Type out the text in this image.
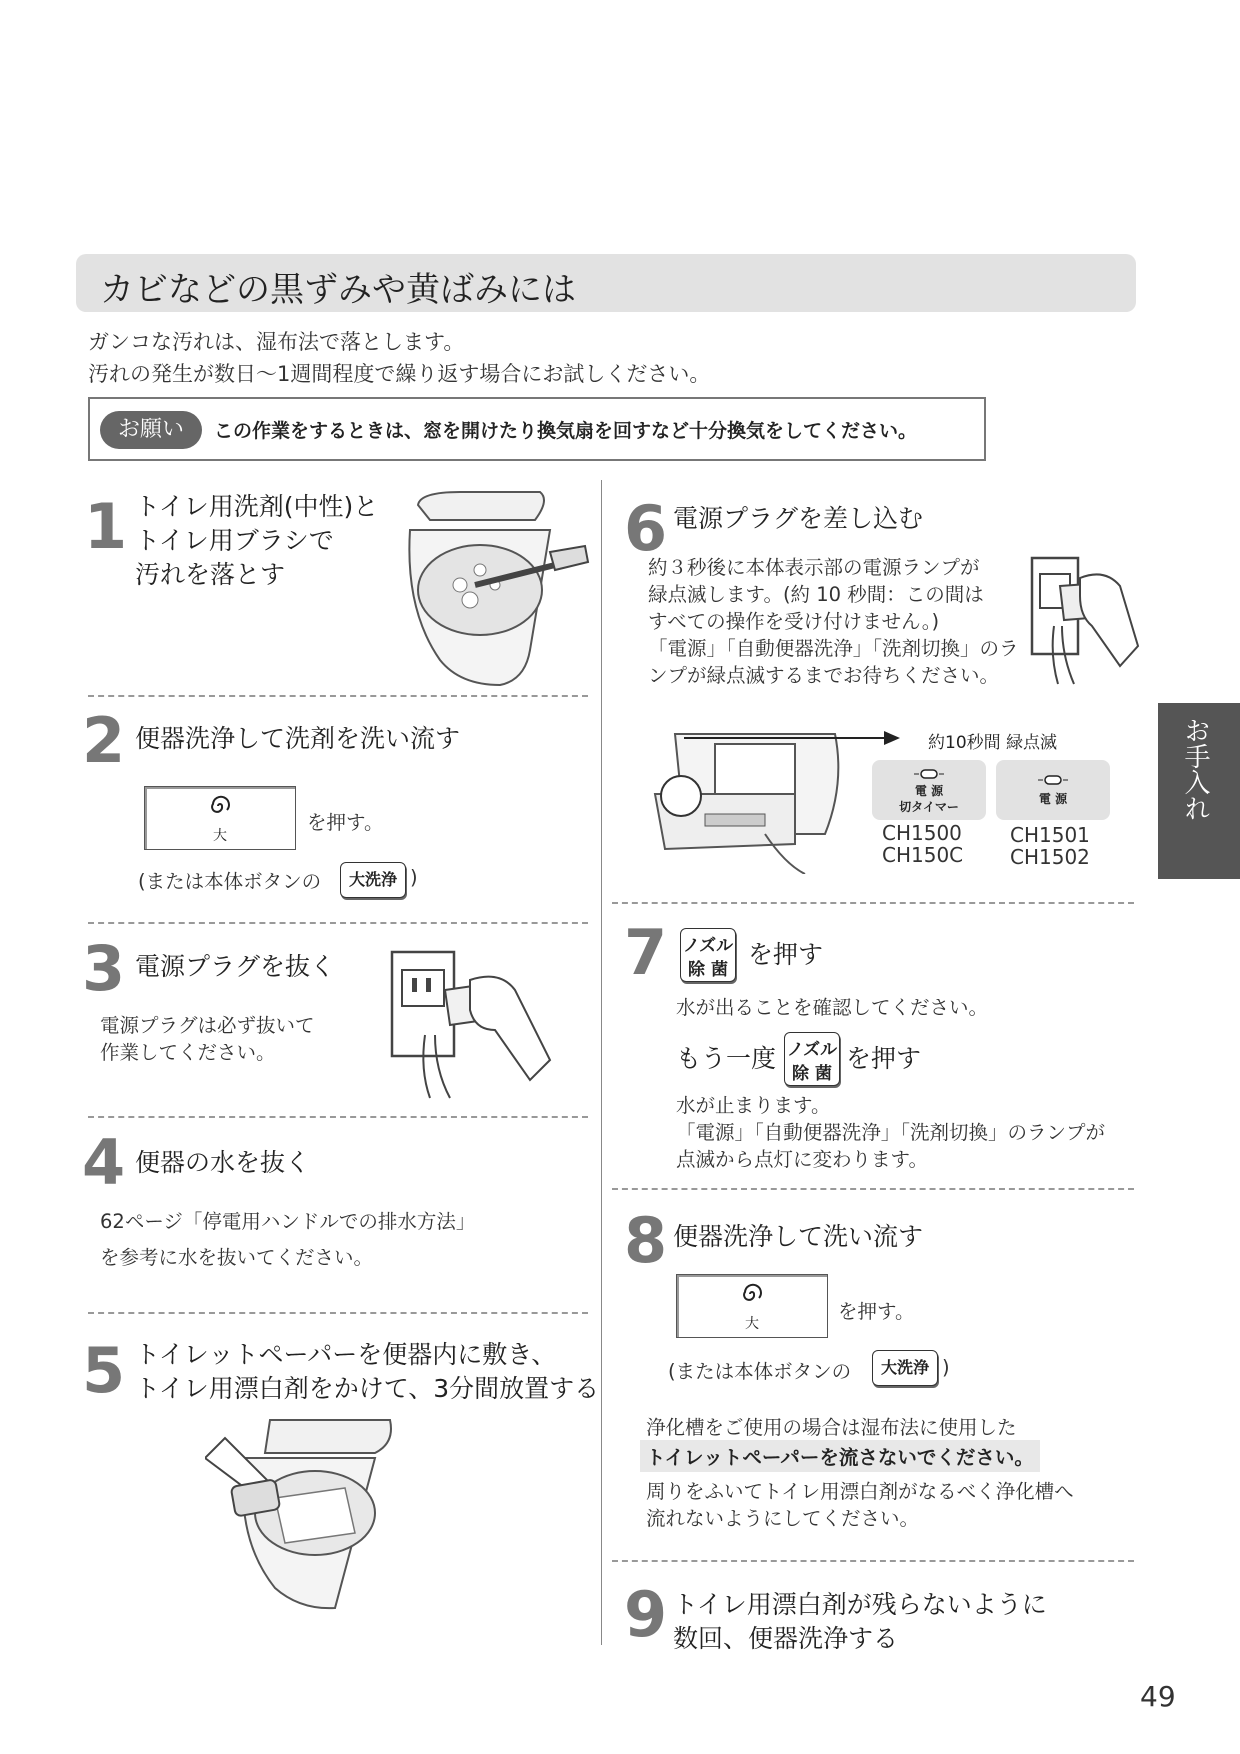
カビなどの黒ずみや黄ばみには
ガンコな汚れは、湿布法で落とします。
汚れの発生が数日〜1週間程度で繰り返す場合にお試しください。
お願い	この作業をするときは、窓を開けたり換気扇を回すなど十分換気をしてください。
お手入れ
1 トイレ用洗剤(中性)と
トイレ用ブラシで
汚れを落とす
2 便器洗浄して洗剤を洗い流す
大
を押す。
(または本体ボタンの	大洗浄 )
3 電源プラグを抜く
電源プラグは必ず抜いて
作業してください。
4 便器の水を抜く
62ページ「停電用ハンドルでの排水方法」
を参考に水を抜いてください。
5 トイレットペーパーを便器内に敷き、
トイレ用漂白剤をかけて、3分間放置する
6 電源プラグを差し込む
約３秒後に本体表示部の電源ランプが
緑点滅します。(約 10 秒間：この間は
すべての操作を受け付けません。)
「電源」「自動便器洗浄」「洗剤切換」のラ
ンプが緑点滅するまでお待ちください。
約10秒間 緑点滅
電 源
切タイマー
電 源
CH1500
CH150C
CH1501
CH1502
7 ノズル
除 菌
を押す
水が出ることを確認してください。
もう一度 ノズル
除 菌
を押す
水が止まります。
「電源」「自動便器洗浄」「洗剤切換」のランプが
点滅から点灯に変わります。
8 便器洗浄して洗い流す
大
を押す。
(または本体ボタンの	大洗浄 )
浄化槽をご使用の場合は湿布法に使用した
トイレットペーパーを流さないでください。
周りをふいてトイレ用漂白剤がなるべく浄化槽へ
流れないようにしてください。
9 トイレ用漂白剤が残らないように
数回、便器洗浄する
49
